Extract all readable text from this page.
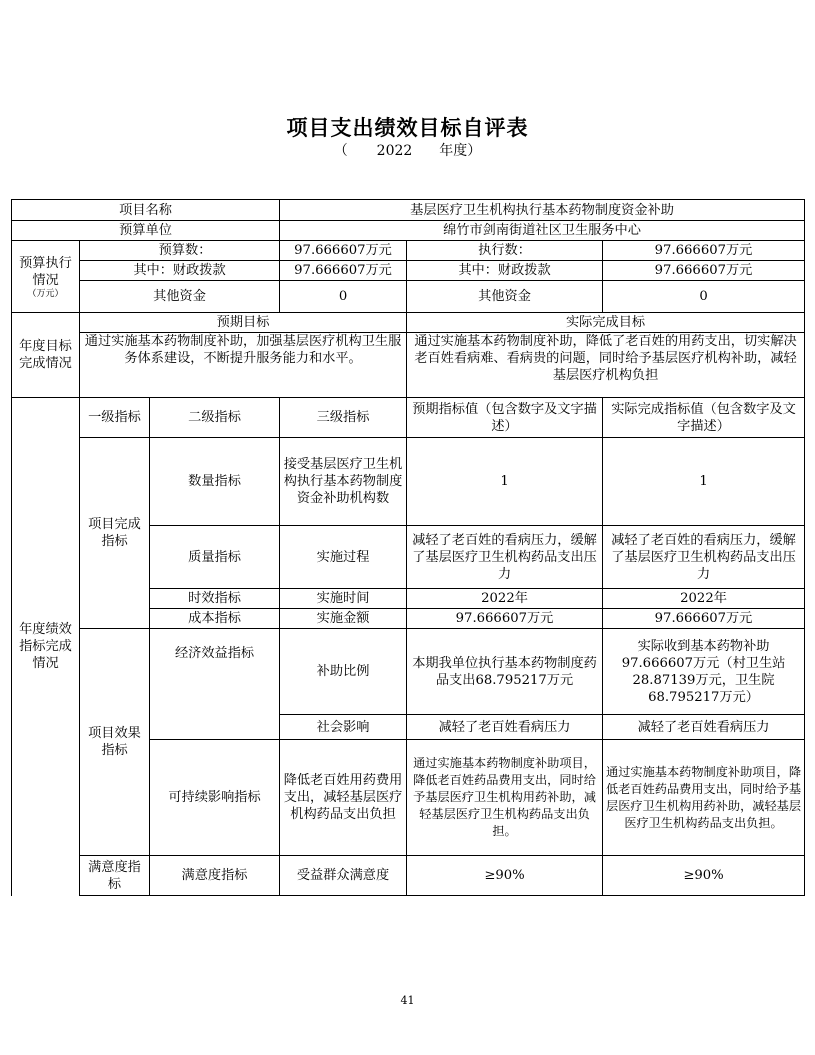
项目支出绩效目标自评表
（ 2022 年度）
项目名称			基层医疗卫生机构执行基本药物制度资金补助		
预算单位			绵竹市剑南街道社区卫生服务中心		
预算执行情况
（万元）	预算数：		97.666607万元	执行数：	97.666607万元
	其中：财政拨款		97.666607万元	其中：财政拨款	97.666607万元
	其他资金		0	其他资金	0
年度目标完成情况	预期目标			实际完成目标	
	通过实施基本药物制度补助，加强基层医疗机构卫生服务体系建设，不断提升服务能力和水平。			通过实施基本药物制度补助，降低了老百姓的用药支出，切实解决老百姓看病难、看病贵的问题，同时给予基层医疗机构补助，减轻基层医疗机构负担	
年度绩效指标完成情况	一级指标	二级指标	三级指标	预期指标值（包含数字及文字描述）	实际完成指标值（包含数字及文字描述）
	项目完成指标	数量指标	接受基层医疗卫生机构执行基本药物制度资金补助机构数	1	1
		质量指标	实施过程	减轻了老百姓的看病压力，缓解了基层医疗卫生机构药品支出压力	减轻了老百姓的看病压力，缓解了基层医疗卫生机构药品支出压力
		时效指标	实施时间	2022年	2022年
		成本指标	实施金额	97.666607万元	97.666607万元
	项目效果指标	经济效益指标	补助比例	本期我单位执行基本药物制度药品支出68.795217万元	实际收到基本药物补助97.666607万元（村卫生站28.87139万元，卫生院68.795217万元）
			社会影响	减轻了老百姓看病压力	减轻了老百姓看病压力
		可持续影响指标	降低老百姓用药费用支出，减轻基层医疗机构药品支出负担	通过实施基本药物制度补助项目，降低老百姓药品费用支出，同时给予基层医疗卫生机构用药补助，减轻基层医疗卫生机构药品支出负担。	通过实施基本药物制度补助项目，降低老百姓药品费用支出，同时给予基层医疗卫生机构用药补助，减轻基层医疗卫生机构药品支出负担。
	满意度指标	满意度指标	受益群众满意度	≥90%	≥90%
41
